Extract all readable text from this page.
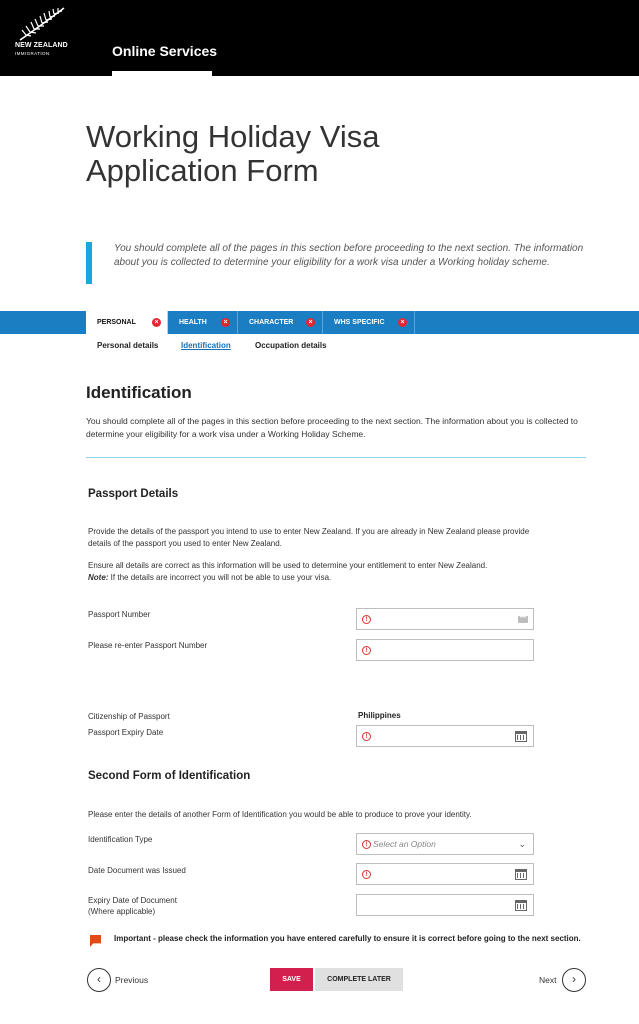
NEW ZEALAND
IMMIGRATION	Online Services
Working Holiday Visa Application Form
You should complete all of the pages in this section before proceeding to the next section. The information about you is collected to determine your eligibility for a work visa under a Working holiday scheme.
PERSONAL	×	HEALTH	×	CHARACTER	×	WHS SPECIFIC	×
Personal details	Identification	Occupation details
Identification
You should complete all of the pages in this section before proceeding to the next section. The information about you is collected to determine your eligibility for a work visa under a Working Holiday Scheme.
Passport Details
Provide the details of the passport you intend to use to enter New Zealand. If you are already in New Zealand please provide details of the passport you used to enter New Zealand.
Ensure all details are correct as this information will be used to determine your entitlement to enter New Zealand.
Note: If the details are incorrect you will not be able to use your visa.
Passport Number
!	•••
Please re-enter Passport Number
!
Citizenship of Passport	Philippines
Passport Expiry Date	!
Second Form of Identification
Please enter the details of another Form of Identification you would be able to produce to prove your identity.
Identification Type
! Select an Option	⌄
Date Document was Issued	!
Expiry Date of Document
(Where applicable)
Important - please check the information you have entered carefully to ensure it is correct before going to the next section.
‹	Previous	SAVE	COMPLETE LATER	Next	›
